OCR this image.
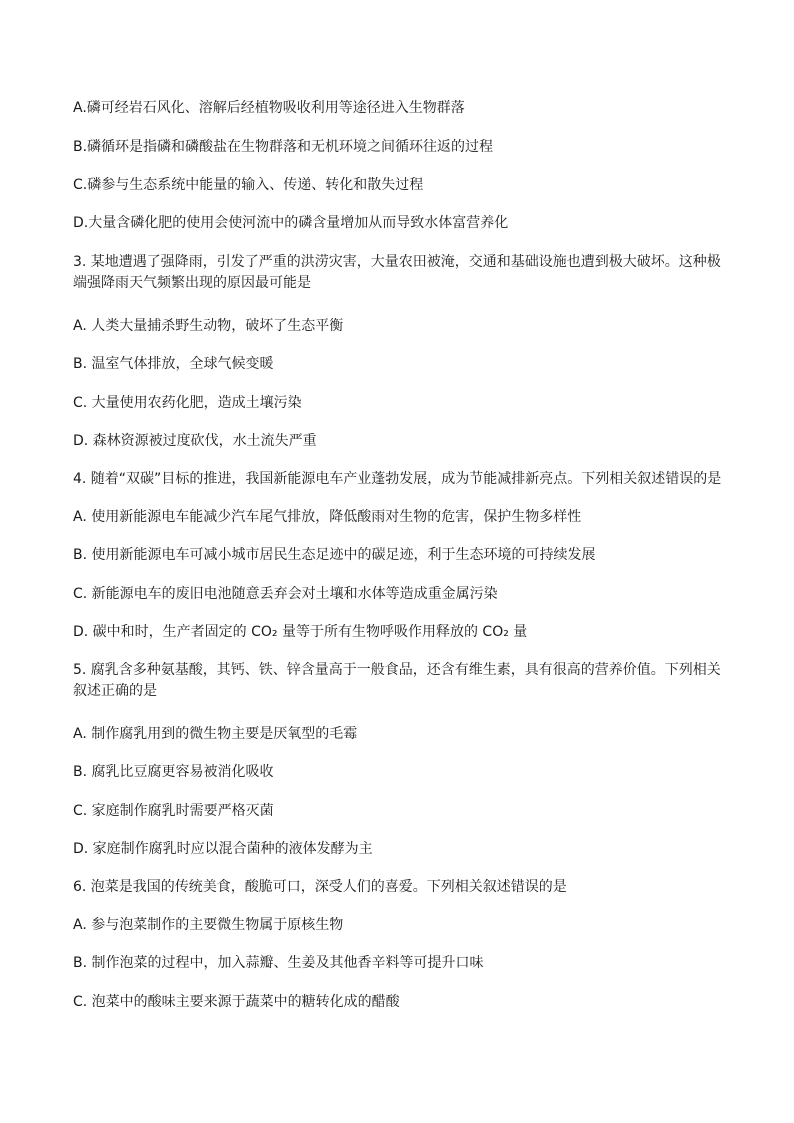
A.磷可经岩石风化、溶解后经植物吸收利用等途径进入生物群落
B.磷循环是指磷和磷酸盐在生物群落和无机环境之间循环往返的过程
C.磷参与生态系统中能量的输入、传递、转化和散失过程
D.大量含磷化肥的使用会使河流中的磷含量增加从而导致水体富营养化
3. 某地遭遇了强降雨，引发了严重的洪涝灾害，大量农田被淹，交通和基础设施也遭到极大破坏。这种极端强降雨天气频繁出现的原因最可能是
A. 人类大量捕杀野生动物，破坏了生态平衡
B. 温室气体排放，全球气候变暖
C. 大量使用农药化肥，造成土壤污染
D. 森林资源被过度砍伐，水土流失严重
4. 随着“双碳”目标的推进，我国新能源电车产业蓬勃发展，成为节能减排新亮点。下列相关叙述错误的是
A. 使用新能源电车能减少汽车尾气排放，降低酸雨对生物的危害，保护生物多样性
B. 使用新能源电车可减小城市居民生态足迹中的碳足迹，利于生态环境的可持续发展
C. 新能源电车的废旧电池随意丢弃会对土壤和水体等造成重金属污染
D. 碳中和时，生产者固定的 CO₂ 量等于所有生物呼吸作用释放的 CO₂ 量
5. 腐乳含多种氨基酸，其钙、铁、锌含量高于一般食品，还含有维生素，具有很高的营养价值。下列相关叙述正确的是
A. 制作腐乳用到的微生物主要是厌氧型的毛霉
B. 腐乳比豆腐更容易被消化吸收
C. 家庭制作腐乳时需要严格灭菌
D. 家庭制作腐乳时应以混合菌种的液体发酵为主
6. 泡菜是我国的传统美食，酸脆可口，深受人们的喜爱。下列相关叙述错误的是
A. 参与泡菜制作的主要微生物属于原核生物
B. 制作泡菜的过程中，加入蒜瓣、生姜及其他香辛料等可提升口味
C. 泡菜中的酸味主要来源于蔬菜中的糖转化成的醋酸
